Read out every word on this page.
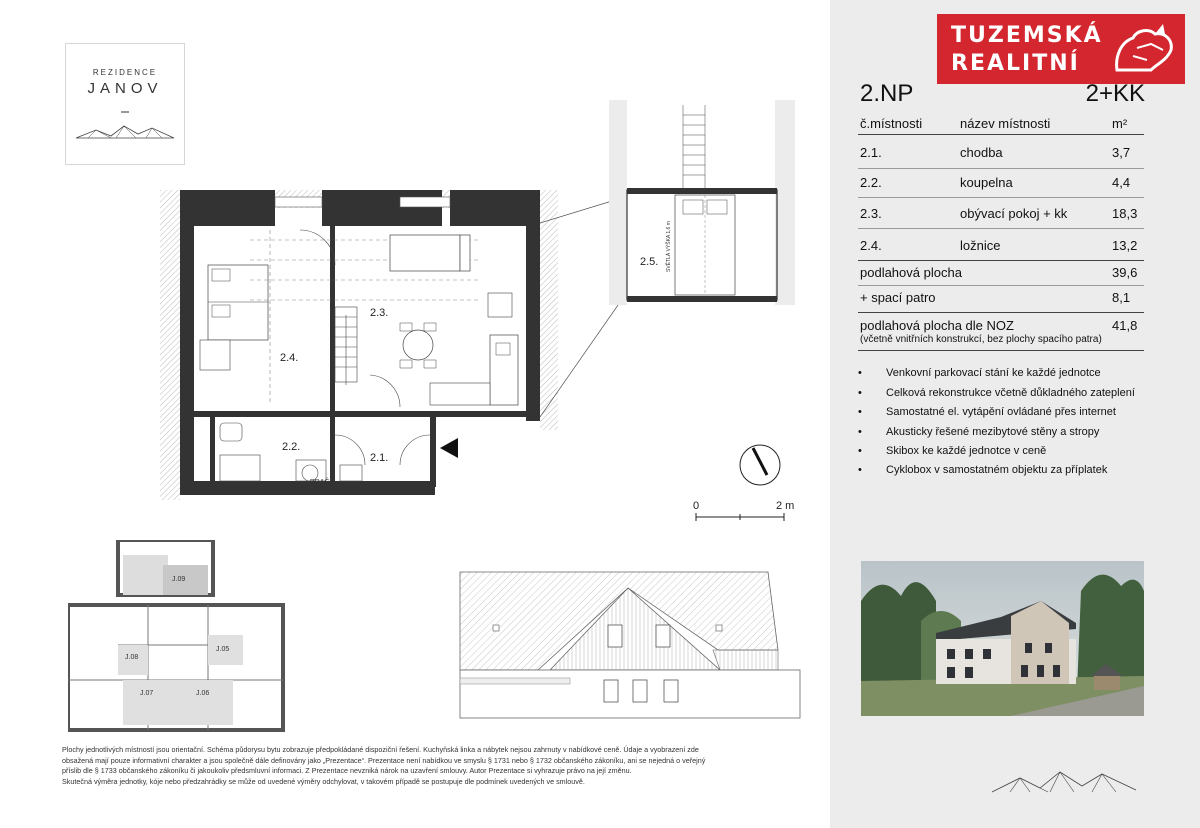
REZIDENCE
JANOV
2.3.
2.4.
2.2.
2.1.
PRAČ
BOJL
2.5. SVĚTLÁ VÝŠKA 1,6 m
0	2 m
J.09
J.08
J.05
J.07	J.06
TUZEMSKÁ
REALITNÍ
2.NP	2+KK
č.místnosti	název místnosti	m²
2.1.	chodba	3,7
2.2.	koupelna	4,4
2.3.	obývací pokoj + kk	18,3
2.4.	ložnice	13,2
podlahová plocha	39,6
+ spací patro	8,1
podlahová plocha dle NOZ	41,8
(včetně vnitřních konstrukcí, bez plochy spacího patra)
• Venkovní parkovací stání ke každé jednotce
• Celková rekonstrukce včetně důkladného zateplení
• Samostatné el. vytápění ovládané přes internet
• Akusticky řešené mezibytové stěny a stropy
• Skibox ke každé jednotce v ceně
• Cyklobox v samostatném objektu za příplatek
Plochy jednotlivých místností jsou orientační. Schéma půdorysu bytu zobrazuje předpokládané dispoziční řešení. Kuchyňská linka a nábytek nejsou zahrnuty v nabídkové ceně. Údaje a vyobrazení zde
obsažená mají pouze informativní charakter a jsou společně dále definovány jako „Prezentace“. Prezentace není nabídkou ve smyslu § 1731 nebo § 1732 občanského zákoníku, ani se nejedná o veřejný
příslib dle § 1733 občanského zákoníku či jakoukoliv předsmluvní informaci. Z Prezentace nevzniká nárok na uzavření smlouvy. Autor Prezentace si vyhrazuje právo na její změnu.
Skutečná výměra jednotky, kóje nebo předzahrádky se může od uvedené výměry odchylovat, v takovém případě se postupuje dle podmínek uvedených ve smlouvě.
